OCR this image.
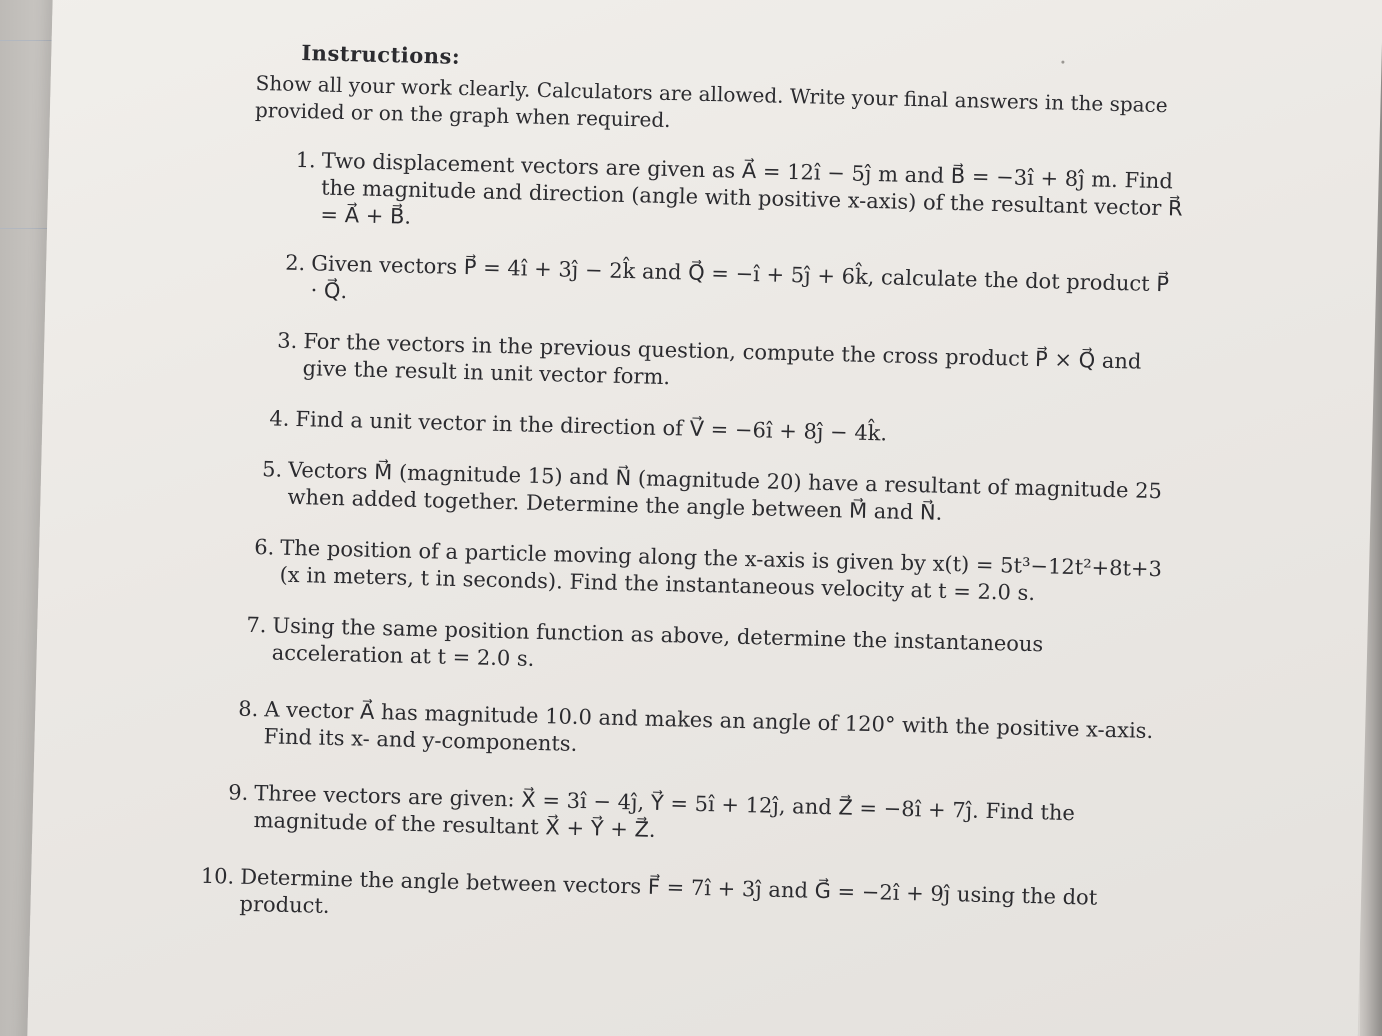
Instructions:
Show all your work clearly. Calculators are allowed. Write your final answers in the space provided or on the graph when required.
1. Two displacement vectors are given as A⃗ = 12î − 5ĵ m and B⃗ = −3î + 8ĵ m. Find the magnitude and direction (angle with positive x-axis) of the resultant vector R⃗ = A⃗ + B⃗.
2. Given vectors P⃗ = 4î + 3ĵ − 2k̂ and Q⃗ = −î + 5ĵ + 6k̂, calculate the dot product P⃗ · Q⃗.
3. For the vectors in the previous question, compute the cross product P⃗ × Q⃗ and give the result in unit vector form.
4. Find a unit vector in the direction of V⃗ = −6î + 8ĵ − 4k̂.
5. Vectors M⃗ (magnitude 15) and N⃗ (magnitude 20) have a resultant of magnitude 25 when added together. Determine the angle between M⃗ and N⃗.
6. The position of a particle moving along the x-axis is given by x(t) = 5t³−12t²+8t+3 (x in meters, t in seconds). Find the instantaneous velocity at t = 2.0 s.
7. Using the same position function as above, determine the instantaneous acceleration at t = 2.0 s.
8. A vector A⃗ has magnitude 10.0 and makes an angle of 120° with the positive x-axis. Find its x- and y-components.
9. Three vectors are given: X⃗ = 3î − 4ĵ, Y⃗ = 5î + 12ĵ, and Z⃗ = −8î + 7ĵ. Find the magnitude of the resultant X⃗ + Y⃗ + Z⃗.
10. Determine the angle between vectors F⃗ = 7î + 3ĵ and G⃗ = −2î + 9ĵ using the dot product.
